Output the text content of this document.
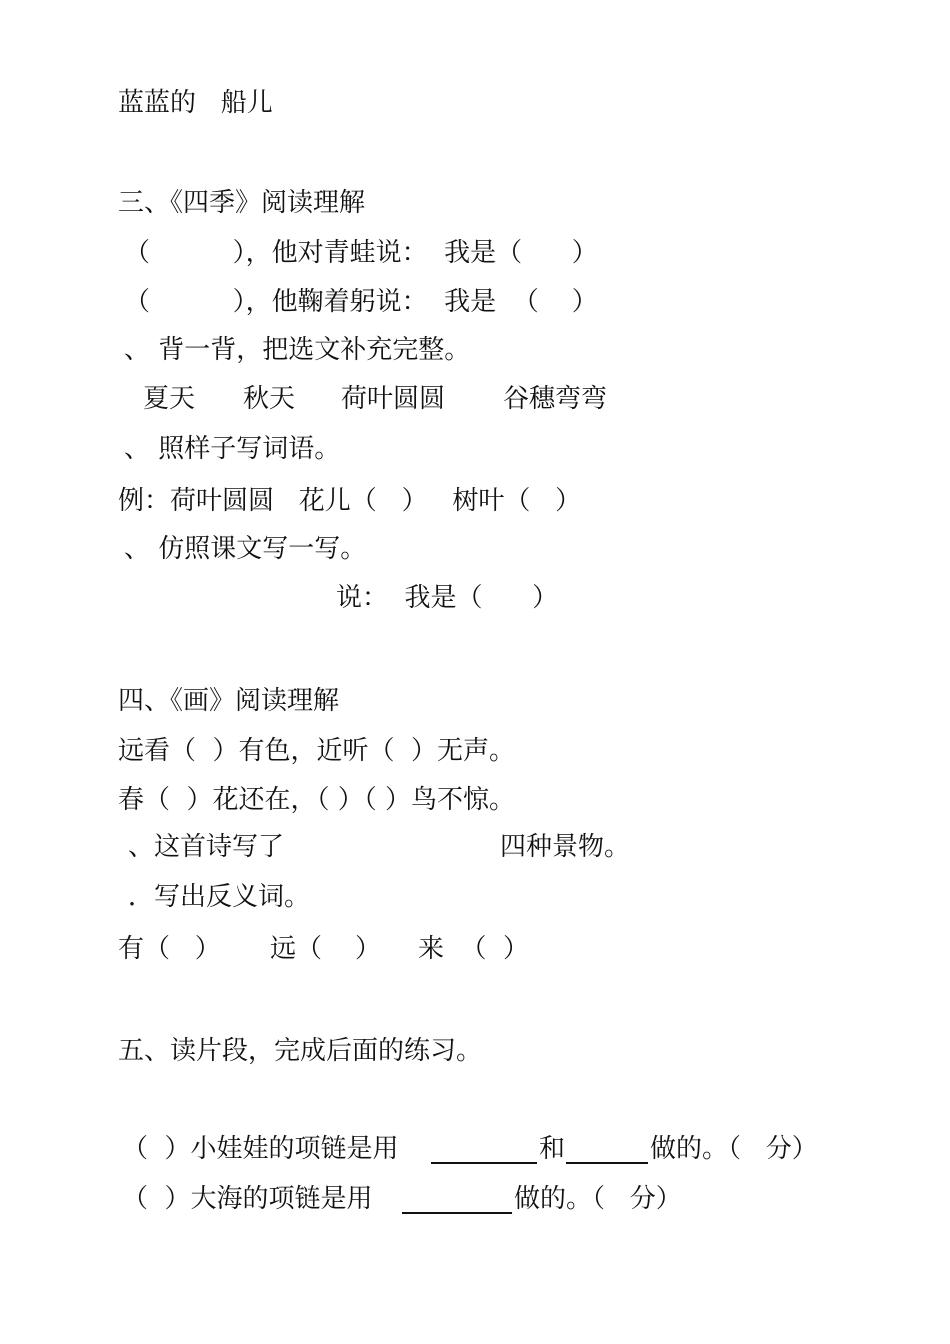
蓝蓝的   船儿

三、《四季》阅读理解

（          ），他对青蛙说：  我是（      ）

（          ），他鞠着躬说：  我是  （    ）

、 背一背，把选文补充完整。

夏天

秋天

荷叶圆圆

谷穗弯弯

、 照样子写词语。

例：荷叶圆圆   花儿（   ）   树叶（   ）

、 仿照课文写一写。

说：  我是（      ）

四、《画》阅读理解

远看（  ）有色，近听（  ）无声。

春（  ）花还在，（ ）（ ）鸟不惊。

、这首诗写了

	四种景物。

．写出反义词。

有（   ）

远（    ）

来  （  ）

五、读片段，完成后面的练习。

（  ）小娃娃的项链是用

	和

	做的。（   分）

（  ）大海的项链是用

	做的。（   分）
